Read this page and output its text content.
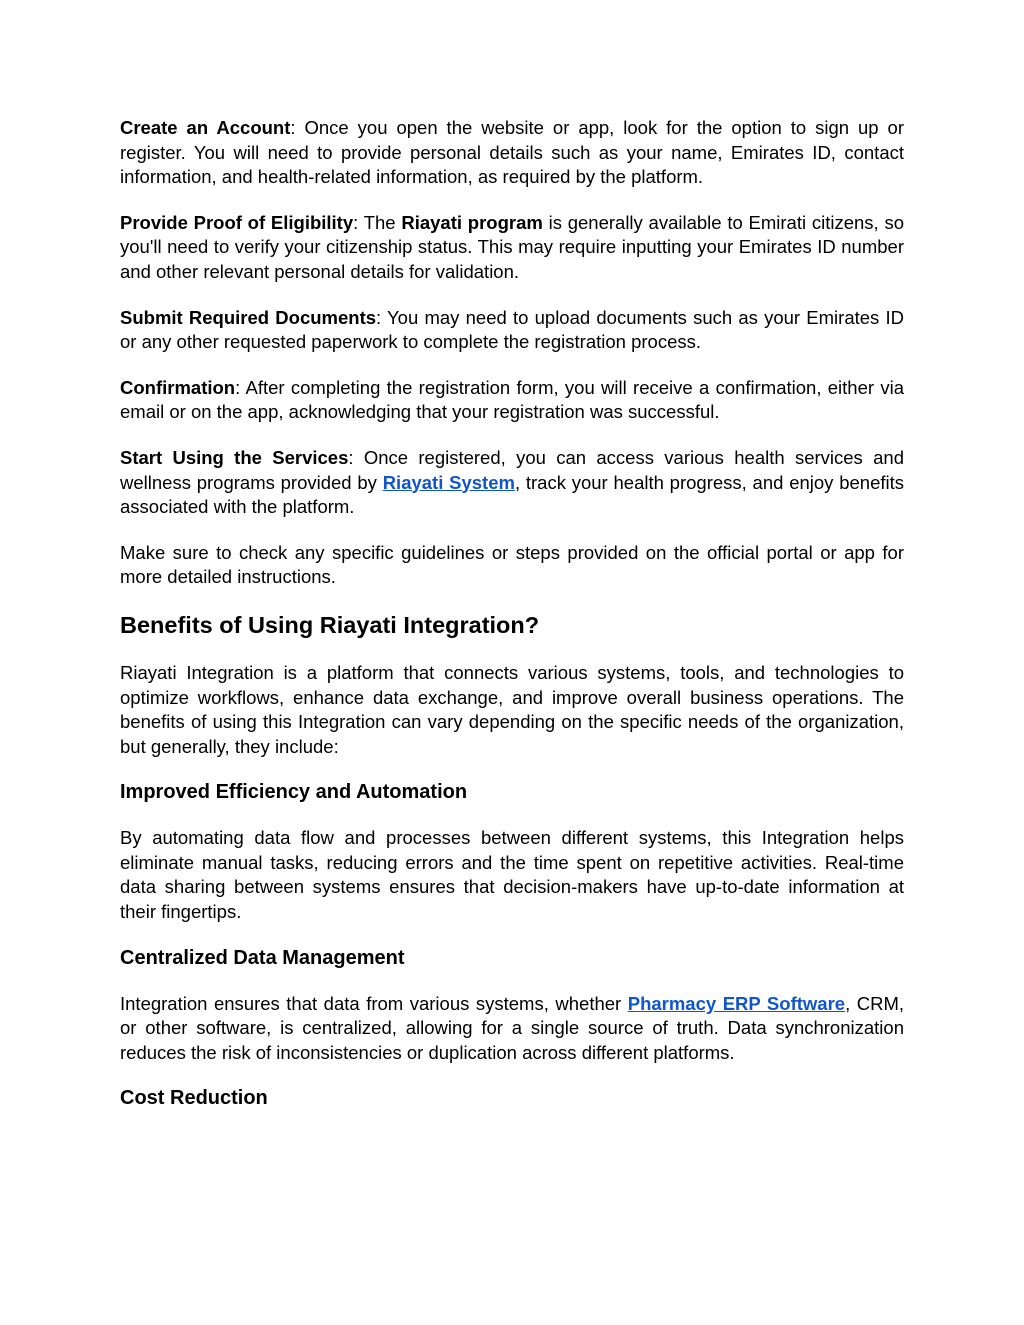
Create an Account: Once you open the website or app, look for the option to sign up or register. You will need to provide personal details such as your name, Emirates ID, contact information, and health-related information, as required by the platform.

Provide Proof of Eligibility: The Riayati program is generally available to Emirati citizens, so you'll need to verify your citizenship status. This may require inputting your Emirates ID number and other relevant personal details for validation.

Submit Required Documents: You may need to upload documents such as your Emirates ID or any other requested paperwork to complete the registration process.

Confirmation: After completing the registration form, you will receive a confirmation, either via email or on the app, acknowledging that your registration was successful.

Start Using the Services: Once registered, you can access various health services and wellness programs provided by Riayati System, track your health progress, and enjoy benefits associated with the platform.

Make sure to check any specific guidelines or steps provided on the official portal or app for more detailed instructions.

Benefits of Using Riayati Integration?

Riayati Integration is a platform that connects various systems, tools, and technologies to optimize workflows, enhance data exchange, and improve overall business operations. The benefits of using this Integration can vary depending on the specific needs of the organization, but generally, they include:

Improved Efficiency and Automation

By automating data flow and processes between different systems, this Integration helps eliminate manual tasks, reducing errors and the time spent on repetitive activities. Real-time data sharing between systems ensures that decision-makers have up-to-date information at their fingertips.

Centralized Data Management

Integration ensures that data from various systems, whether Pharmacy ERP Software, CRM, or other software, is centralized, allowing for a single source of truth. Data synchronization reduces the risk of inconsistencies or duplication across different platforms.

Cost Reduction
